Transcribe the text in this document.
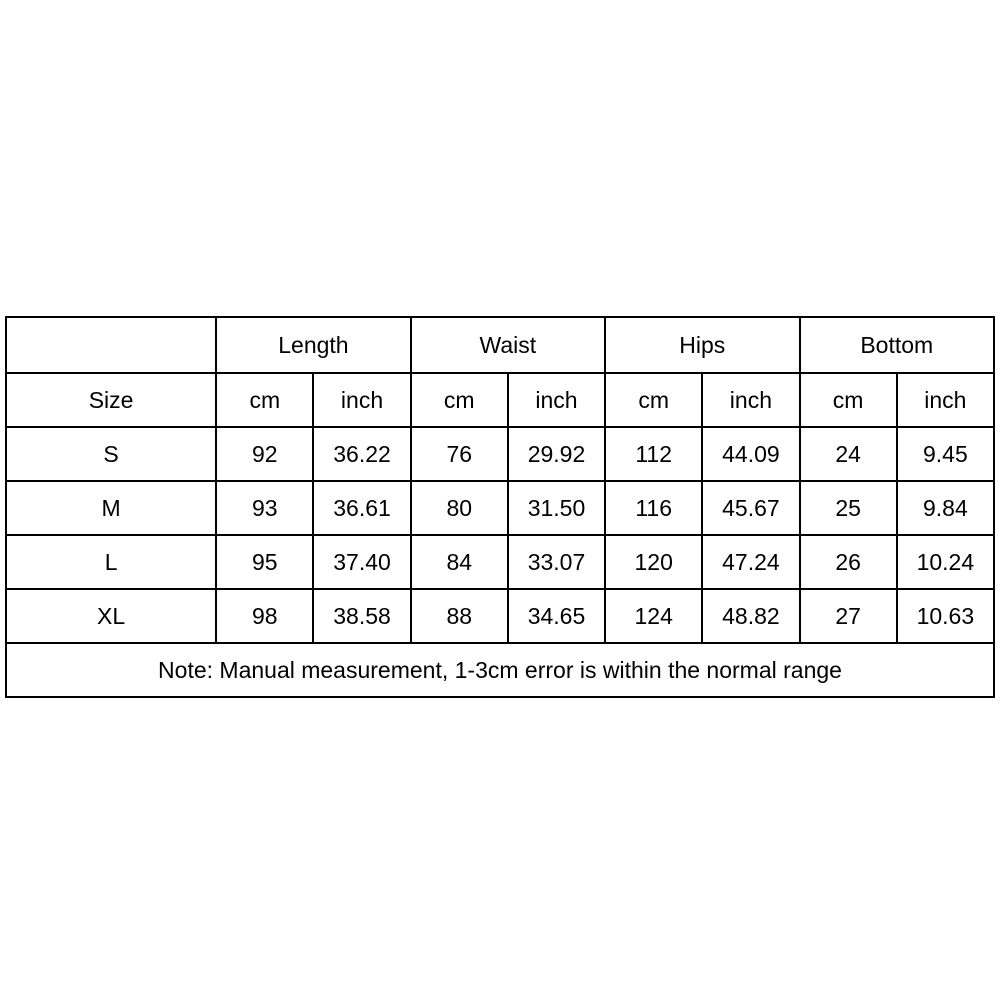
	Length		Waist		Hips		Bottom	
Size	cm	inch	cm	inch	cm	inch	cm	inch
S	92	36.22	76	29.92	112	44.09	24	9.45
M	93	36.61	80	31.50	116	45.67	25	9.84
L	95	37.40	84	33.07	120	47.24	26	10.24
XL	98	38.58	88	34.65	124	48.82	27	10.63
Note: Manual measurement, 1-3cm error is within the normal range								
